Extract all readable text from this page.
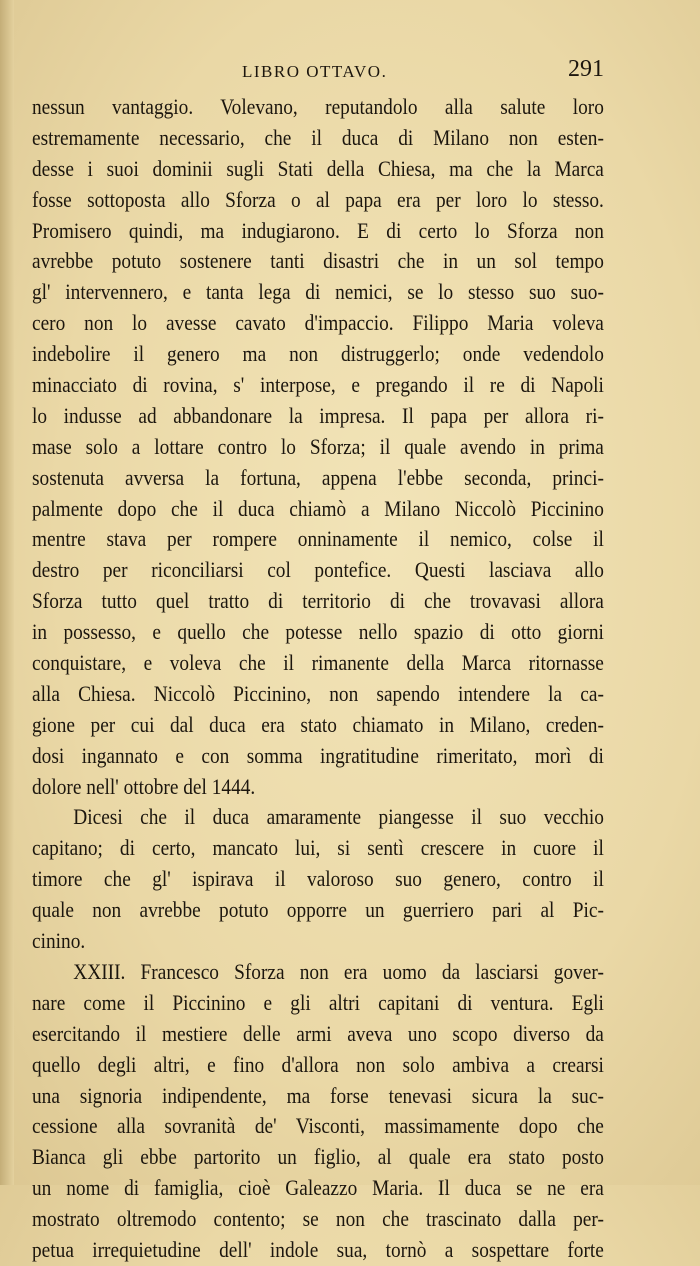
LIBRO OTTAVO.	291
nessun vantaggio. Volevano, reputandolo alla salute loro
estremamente necessario, che il duca di Milano non esten-
desse i suoi dominii sugli Stati della Chiesa, ma che la Marca
fosse sottoposta allo Sforza o al papa era per loro lo stesso.
Promisero quindi, ma indugiarono. E di certo lo Sforza non
avrebbe potuto sostenere tanti disastri che in un sol tempo
gl' intervennero, e tanta lega di nemici, se lo stesso suo suo-
cero non lo avesse cavato d'impaccio. Filippo Maria voleva
indebolire il genero ma non distruggerlo; onde vedendolo
minacciato di rovina, s' interpose, e pregando il re di Napoli
lo indusse ad abbandonare la impresa. Il papa per allora ri-
mase solo a lottare contro lo Sforza; il quale avendo in prima
sostenuta avversa la fortuna, appena l'ebbe seconda, princi-
palmente dopo che il duca chiamò a Milano Niccolò Piccinino
mentre stava per rompere onninamente il nemico, colse il
destro per riconciliarsi col pontefice. Questi lasciava allo
Sforza tutto quel tratto di territorio di che trovavasi allora
in possesso, e quello che potesse nello spazio di otto giorni
conquistare, e voleva che il rimanente della Marca ritornasse
alla Chiesa. Niccolò Piccinino, non sapendo intendere la ca-
gione per cui dal duca era stato chiamato in Milano, creden-
dosi ingannato e con somma ingratitudine rimeritato, morì di
dolore nell' ottobre del 1444.
Dicesi che il duca amaramente piangesse il suo vecchio
capitano; di certo, mancato lui, si sentì crescere in cuore il
timore che gl' ispirava il valoroso suo genero, contro il
quale non avrebbe potuto opporre un guerriero pari al Pic-
cinino.
XXIII. Francesco Sforza non era uomo da lasciarsi gover-
nare come il Piccinino e gli altri capitani di ventura. Egli
esercitando il mestiere delle armi aveva uno scopo diverso da
quello degli altri, e fino d'allora non solo ambiva a crearsi
una signoria indipendente, ma forse tenevasi sicura la suc-
cessione alla sovranità de' Visconti, massimamente dopo che
Bianca gli ebbe partorito un figlio, al quale era stato posto
un nome di famiglia, cioè Galeazzo Maria. Il duca se ne era
mostrato oltremodo contento; se non che trascinato dalla per-
petua irrequietudine dell' indole sua, tornò a sospettare forte
